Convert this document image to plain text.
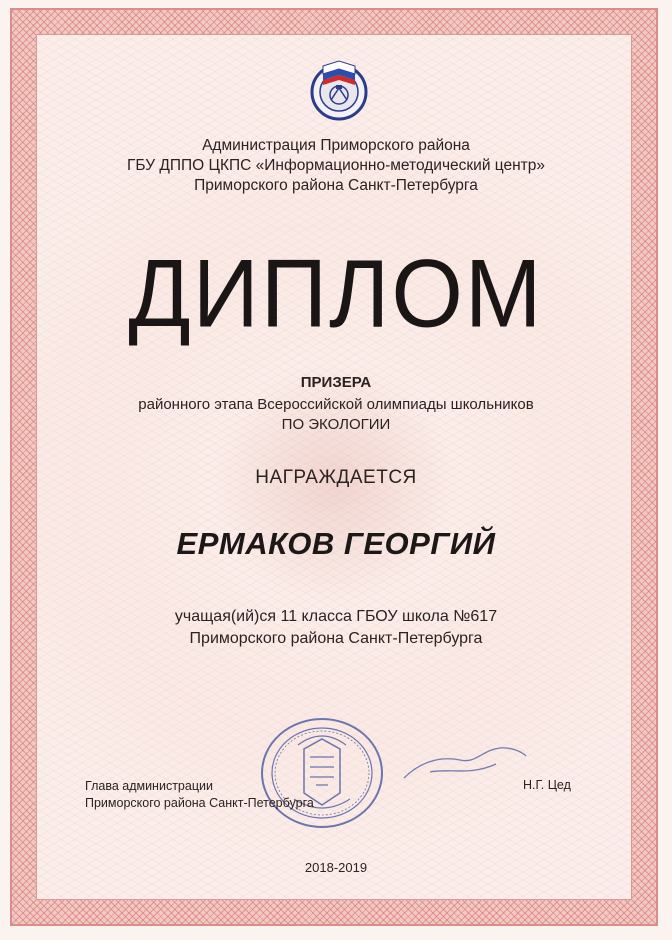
Администрация Приморского района
ГБУ ДППО ЦКПС «Информационно-методический центр»
Приморского района Санкт-Петербурга
ДИПЛОМ
ПРИЗЕРА
районного этапа Всероссийской олимпиады школьников
ПО ЭКОЛОГИИ
НАГРАЖДАЕТСЯ
ЕРМАКОВ ГЕОРГИЙ
учащая(ий)ся 11 класса ГБОУ школа №617
Приморского района Санкт-Петербурга
Глава администрации
Приморского района Санкт-Петербурга
Н.Г. Цед
2018-2019
